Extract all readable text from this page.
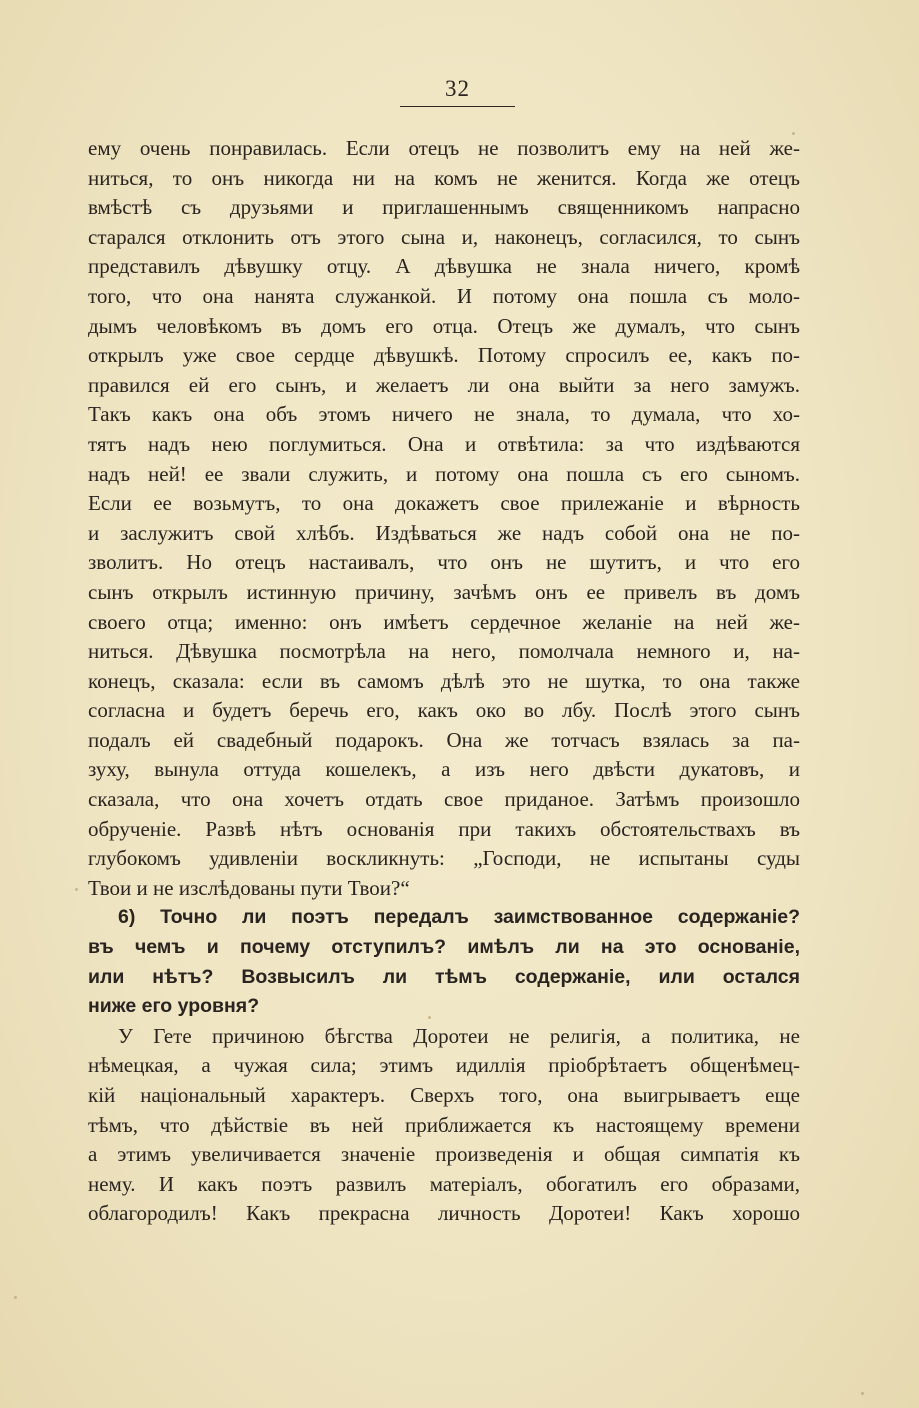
32
ему очень понравилась. Если отецъ не позволитъ ему на ней же-
ниться, то онъ никогда ни на комъ не женится. Когда же отецъ
вмѣстѣ съ друзьями и приглашеннымъ священникомъ напрасно
старался отклонить отъ этого сына и, наконецъ, согласился, то сынъ
представилъ дѣвушку отцу. А дѣвушка не знала ничего, кромѣ
того, что она нанята служанкой. И потому она пошла съ моло-
дымъ человѣкомъ въ домъ его отца. Отецъ же думалъ, что сынъ
открылъ уже свое сердце дѣвушкѣ. Потому спросилъ ее, какъ по-
правился ей его сынъ, и желаетъ ли она выйти за него замужъ.
Такъ какъ она объ этомъ ничего не знала, то думала, что хо-
тятъ надъ нею поглумиться. Она и отвѣтила: за что издѣваются
надъ ней! ее звали служить, и потому она пошла съ его сыномъ.
Если ее возьмутъ, то она докажетъ свое прилежаніе и вѣрность
и заслужитъ свой хлѣбъ. Издѣваться же надъ собой она не по-
зволитъ. Но отецъ настаивалъ, что онъ не шутитъ, и что его
сынъ открылъ истинную причину, зачѣмъ онъ ее привелъ въ домъ
своего отца; именно: онъ имѣетъ сердечное желаніе на ней же-
ниться. Дѣвушка посмотрѣла на него, помолчала немного и, на-
конецъ, сказала: если въ самомъ дѣлѣ это не шутка, то она также
согласна и будетъ беречь его, какъ око во лбу. Послѣ этого сынъ
подалъ ей свадебный подарокъ. Она же тотчасъ взялась за па-
зуху, вынула оттуда кошелекъ, а изъ него двѣсти дукатовъ, и
сказала, что она хочетъ отдать свое приданое. Затѣмъ произошло
обрученіе. Развѣ нѣтъ основанія при такихъ обстоятельствахъ въ
глубокомъ удивленіи воскликнуть: „Господи, не испытаны суды
Твои и не изслѣдованы пути Твои?“
6) Точно ли поэтъ передалъ заимствованное содержаніе?
въ чемъ и почему отступилъ? имѣлъ ли на это основаніе,
или нѣтъ? Возвысилъ ли тѣмъ содержаніе, или остался
ниже его уровня?
У Гете причиною бѣгства Доротеи не религія, а политика, не
нѣмецкая, а чужая сила; этимъ идиллія пріобрѣтаетъ общенѣмец-
кій національный характеръ. Сверхъ того, она выигрываетъ еще
тѣмъ, что дѣйствіе въ ней приближается къ настоящему времени
а этимъ увеличивается значеніе произведенія и общая симпатія къ
нему. И какъ поэтъ развилъ матеріалъ, обогатилъ его образами,
облагородилъ! Какъ прекрасна личность Доротеи! Какъ хорошо
